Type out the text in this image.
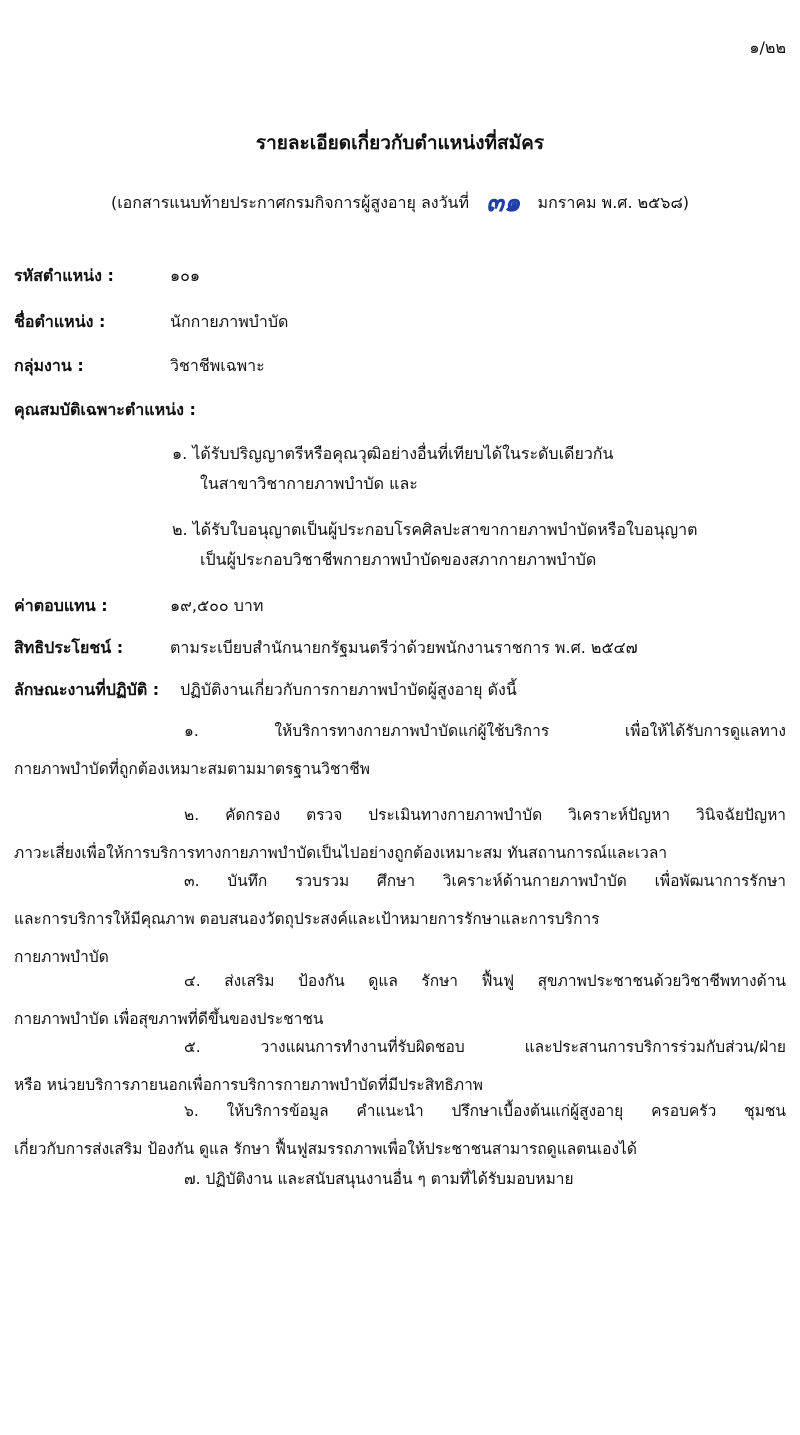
๑/๒๒
รายละเอียดเกี่ยวกับตำแหน่งที่สมัคร
(เอกสารแนบท้ายประกาศกรมกิจการผู้สูงอายุ ลงวันที่ ๓๑ มกราคม พ.ศ. ๒๕๖๘)
รหัสตำแหน่ง :	๑๐๑
ชื่อตำแหน่ง :	นักกายภาพบำบัด
กลุ่มงาน :	วิชาชีพเฉพาะ
คุณสมบัติเฉพาะตำแหน่ง :
๑. ได้รับปริญญาตรีหรือคุณวุฒิอย่างอื่นที่เทียบได้ในระดับเดียวกัน
ในสาขาวิชากายภาพบำบัด และ
๒. ได้รับใบอนุญาตเป็นผู้ประกอบโรคศิลปะสาขากายภาพบำบัดหรือใบอนุญาต
เป็นผู้ประกอบวิชาชีพกายภาพบำบัดของสภากายภาพบำบัด
ค่าตอบแทน :	๑๙,๕๐๐ บาท
สิทธิประโยชน์ :	ตามระเบียบสำนักนายกรัฐมนตรีว่าด้วยพนักงานราชการ พ.ศ. ๒๕๔๗
ลักษณะงานที่ปฏิบัติ : ปฏิบัติงานเกี่ยวกับการกายภาพบำบัดผู้สูงอายุ ดังนี้
๑. ให้บริการทางกายภาพบำบัดแก่ผู้ใช้บริการ เพื่อให้ได้รับการดูแลทาง
กายภาพบำบัดที่ถูกต้องเหมาะสมตามมาตรฐานวิชาชีพ
๒. คัดกรอง ตรวจ ประเมินทางกายภาพบำบัด วิเคราะห์ปัญหา วินิจฉัยปัญหา
ภาวะเสี่ยงเพื่อให้การบริการทางกายภาพบำบัดเป็นไปอย่างถูกต้องเหมาะสม ทันสถานการณ์และเวลา
๓. บันทึก รวบรวม ศึกษา วิเคราะห์ด้านกายภาพบำบัด เพื่อพัฒนาการรักษา
และการบริการให้มีคุณภาพ ตอบสนองวัตถุประสงค์และเป้าหมายการรักษาและการบริการ
กายภาพบำบัด
๔. ส่งเสริม ป้องกัน ดูแล รักษา ฟื้นฟู สุขภาพประชาชนด้วยวิชาชีพทางด้าน
กายภาพบำบัด เพื่อสุขภาพที่ดีขึ้นของประชาชน
๕. วางแผนการทำงานที่รับผิดชอบ และประสานการบริการร่วมกับส่วน/ฝ่าย
หรือ หน่วยบริการภายนอกเพื่อการบริการกายภาพบำบัดที่มีประสิทธิภาพ
๖. ให้บริการข้อมูล คำแนะนำ ปรึกษาเบื้องต้นแก่ผู้สูงอายุ ครอบครัว ชุมชน
เกี่ยวกับการส่งเสริม ป้องกัน ดูแล รักษา ฟื้นฟูสมรรถภาพเพื่อให้ประชาชนสามารถดูแลตนเองได้
๗. ปฏิบัติงาน และสนับสนุนงานอื่น ๆ ตามที่ได้รับมอบหมาย
